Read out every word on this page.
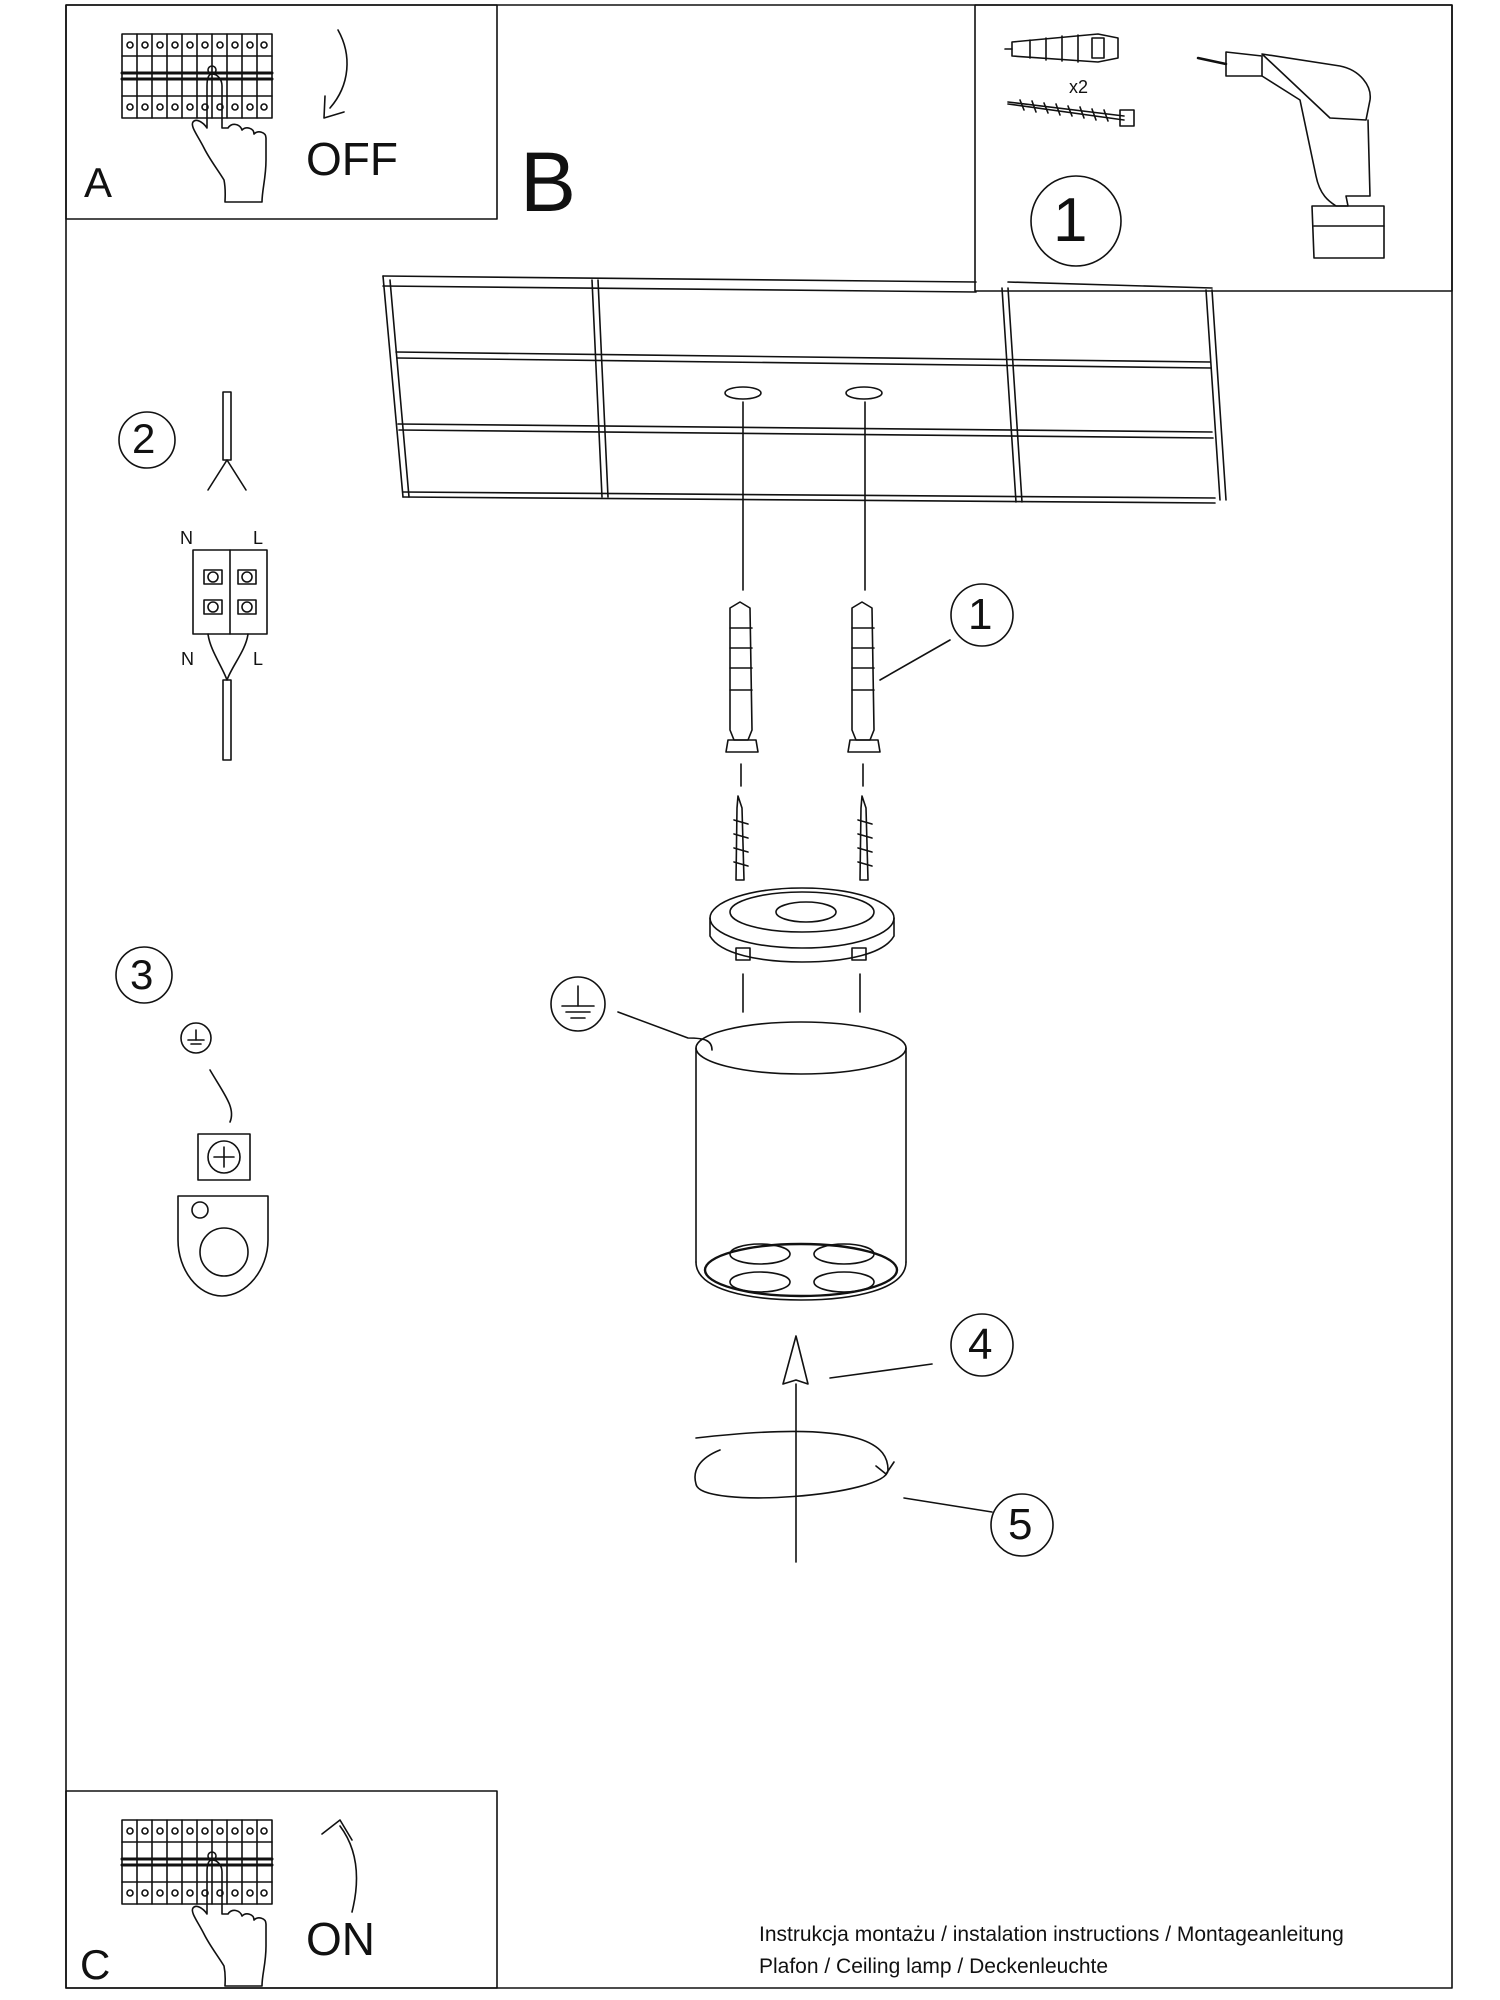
A	OFF B
x2
1
2
N	L
N	L
3
1
4
5
C	ON	Instrukcja montażu / instalation instructions / Montageanleitung
Plafon / Ceiling lamp / Deckenleuchte
